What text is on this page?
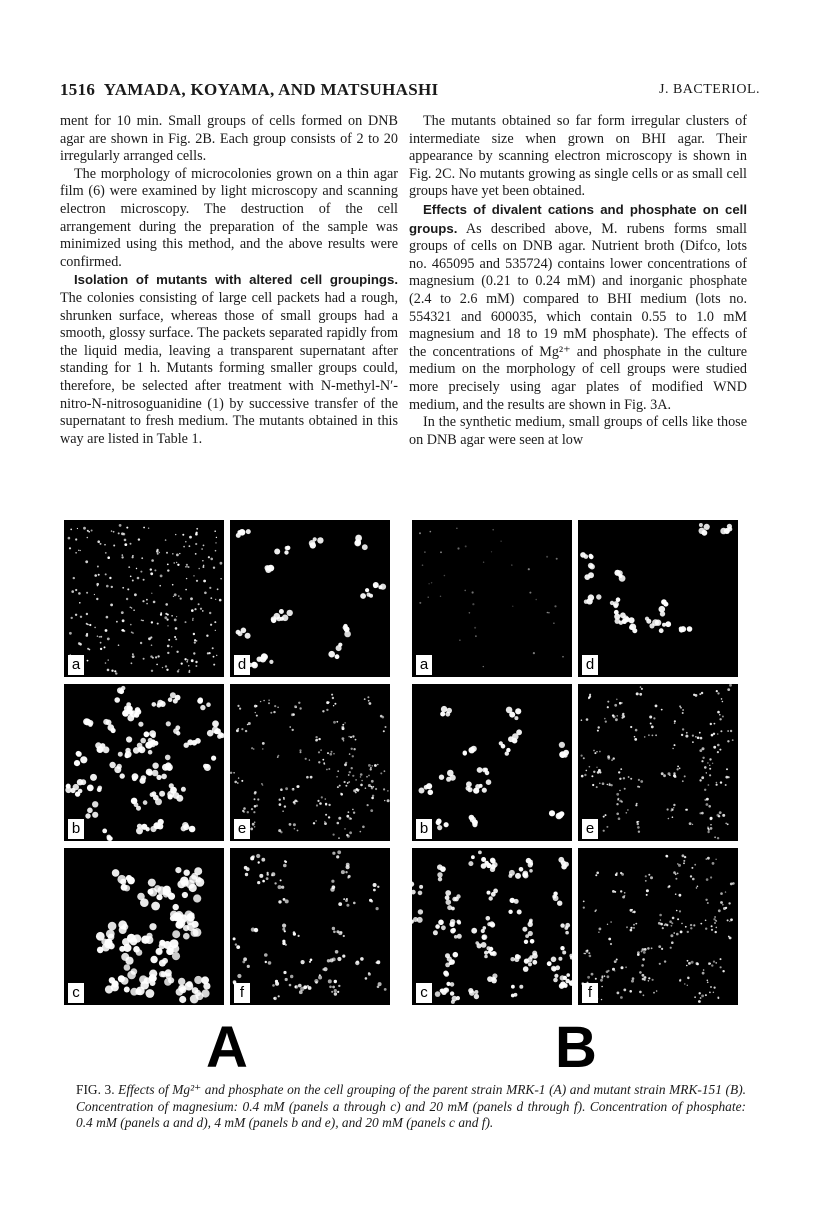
1516 YAMADA, KOYAMA, AND MATSUHASHI	J. BACTERIOL.

ment for 10 min. Small groups of cells formed on DNB agar are shown in Fig. 2B. Each group consists of 2 to 20 irregularly arranged cells.

The morphology of microcolonies grown on a thin agar film (6) were examined by light microscopy and scanning electron microscopy. The destruction of the cell arrangement during the preparation of the sample was minimized using this method, and the above results were confirmed.

Isolation of mutants with altered cell groupings. The colonies consisting of large cell packets had a rough, shrunken surface, whereas those of small groups had a smooth, glossy surface. The packets separated rapidly from the liquid media, leaving a transparent supernatant after standing for 1 h. Mutants forming smaller groups could, therefore, be selected after treatment with N-methyl-N′-nitro-N-nitrosoguanidine (1) by successive transfer of the supernatant to fresh medium. The mutants obtained in this way are listed in Table 1.

The mutants obtained so far form irregular clusters of intermediate size when grown on BHI agar. Their appearance by scanning electron microscopy is shown in Fig. 2C. No mutants growing as single cells or as small cell groups have yet been obtained.

Effects of divalent cations and phosphate on cell groups. As described above, M. rubens forms small groups of cells on DNB agar. Nutrient broth (Difco, lots no. 465095 and 535724) contains lower concentrations of magnesium (0.21 to 0.24 mM) and inorganic phosphate (2.4 to 2.6 mM) compared to BHI medium (lots no. 554321 and 600035, which contain 0.55 to 1.0 mM magnesium and 18 to 19 mM phosphate). The effects of the concentrations of Mg²⁺ and phosphate in the culture medium on the morphology of cell groups were studied more precisely using agar plates of modified WND medium, and the results are shown in Fig. 3A.

In the synthetic medium, small groups of cells like those on DNB agar were seen at low

a
b
c
d
e
f
a
b
c
d
e
f
A	B
FIG. 3. Effects of Mg²⁺ and phosphate on the cell grouping of the parent strain MRK-1 (A) and mutant strain MRK-151 (B). Concentration of magnesium: 0.4 mM (panels a through c) and 20 mM (panels d through f). Concentration of phosphate: 0.4 mM (panels a and d), 4 mM (panels b and e), and 20 mM (panels c and f).
